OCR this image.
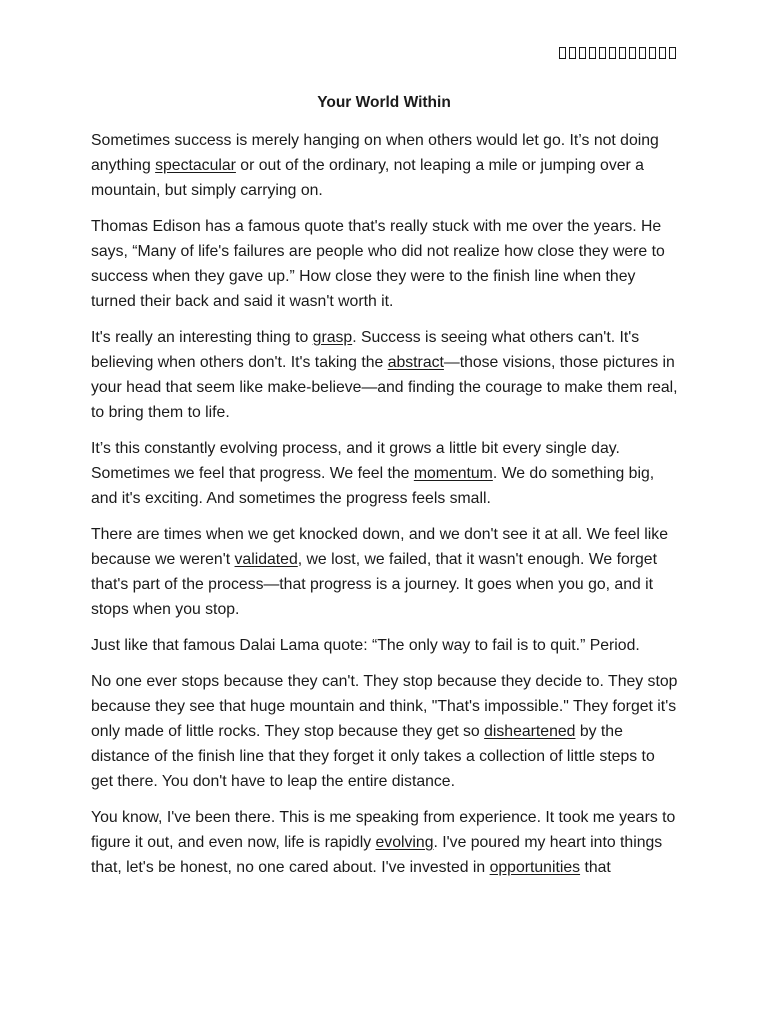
Your World Within

Sometimes success is merely hanging on when others would let go. It’s not doing anything spectacular or out of the ordinary, not leaping a mile or jumping over a mountain, but simply carrying on.

Thomas Edison has a famous quote that's really stuck with me over the years. He says, “Many of life's failures are people who did not realize how close they were to success when they gave up.” How close they were to the finish line when they turned their back and said it wasn't worth it.

It's really an interesting thing to grasp. Success is seeing what others can't. It's believing when others don't. It's taking the abstract—those visions, those pictures in your head that seem like make-believe—and finding the courage to make them real, to bring them to life.

It’s this constantly evolving process, and it grows a little bit every single day. Sometimes we feel that progress. We feel the momentum. We do something big, and it's exciting. And sometimes the progress feels small.

There are times when we get knocked down, and we don't see it at all. We feel like because we weren't validated, we lost, we failed, that it wasn't enough. We forget that's part of the process—that progress is a journey. It goes when you go, and it stops when you stop.

Just like that famous Dalai Lama quote: “The only way to fail is to quit.” Period.

No one ever stops because they can't. They stop because they decide to. They stop because they see that huge mountain and think, "That's impossible." They forget it's only made of little rocks. They stop because they get so disheartened by the distance of the finish line that they forget it only takes a collection of little steps to get there. You don't have to leap the entire distance.

You know, I've been there. This is me speaking from experience. It took me years to figure it out, and even now, life is rapidly evolving. I've poured my heart into things that, let's be honest, no one cared about. I've invested in opportunities that
